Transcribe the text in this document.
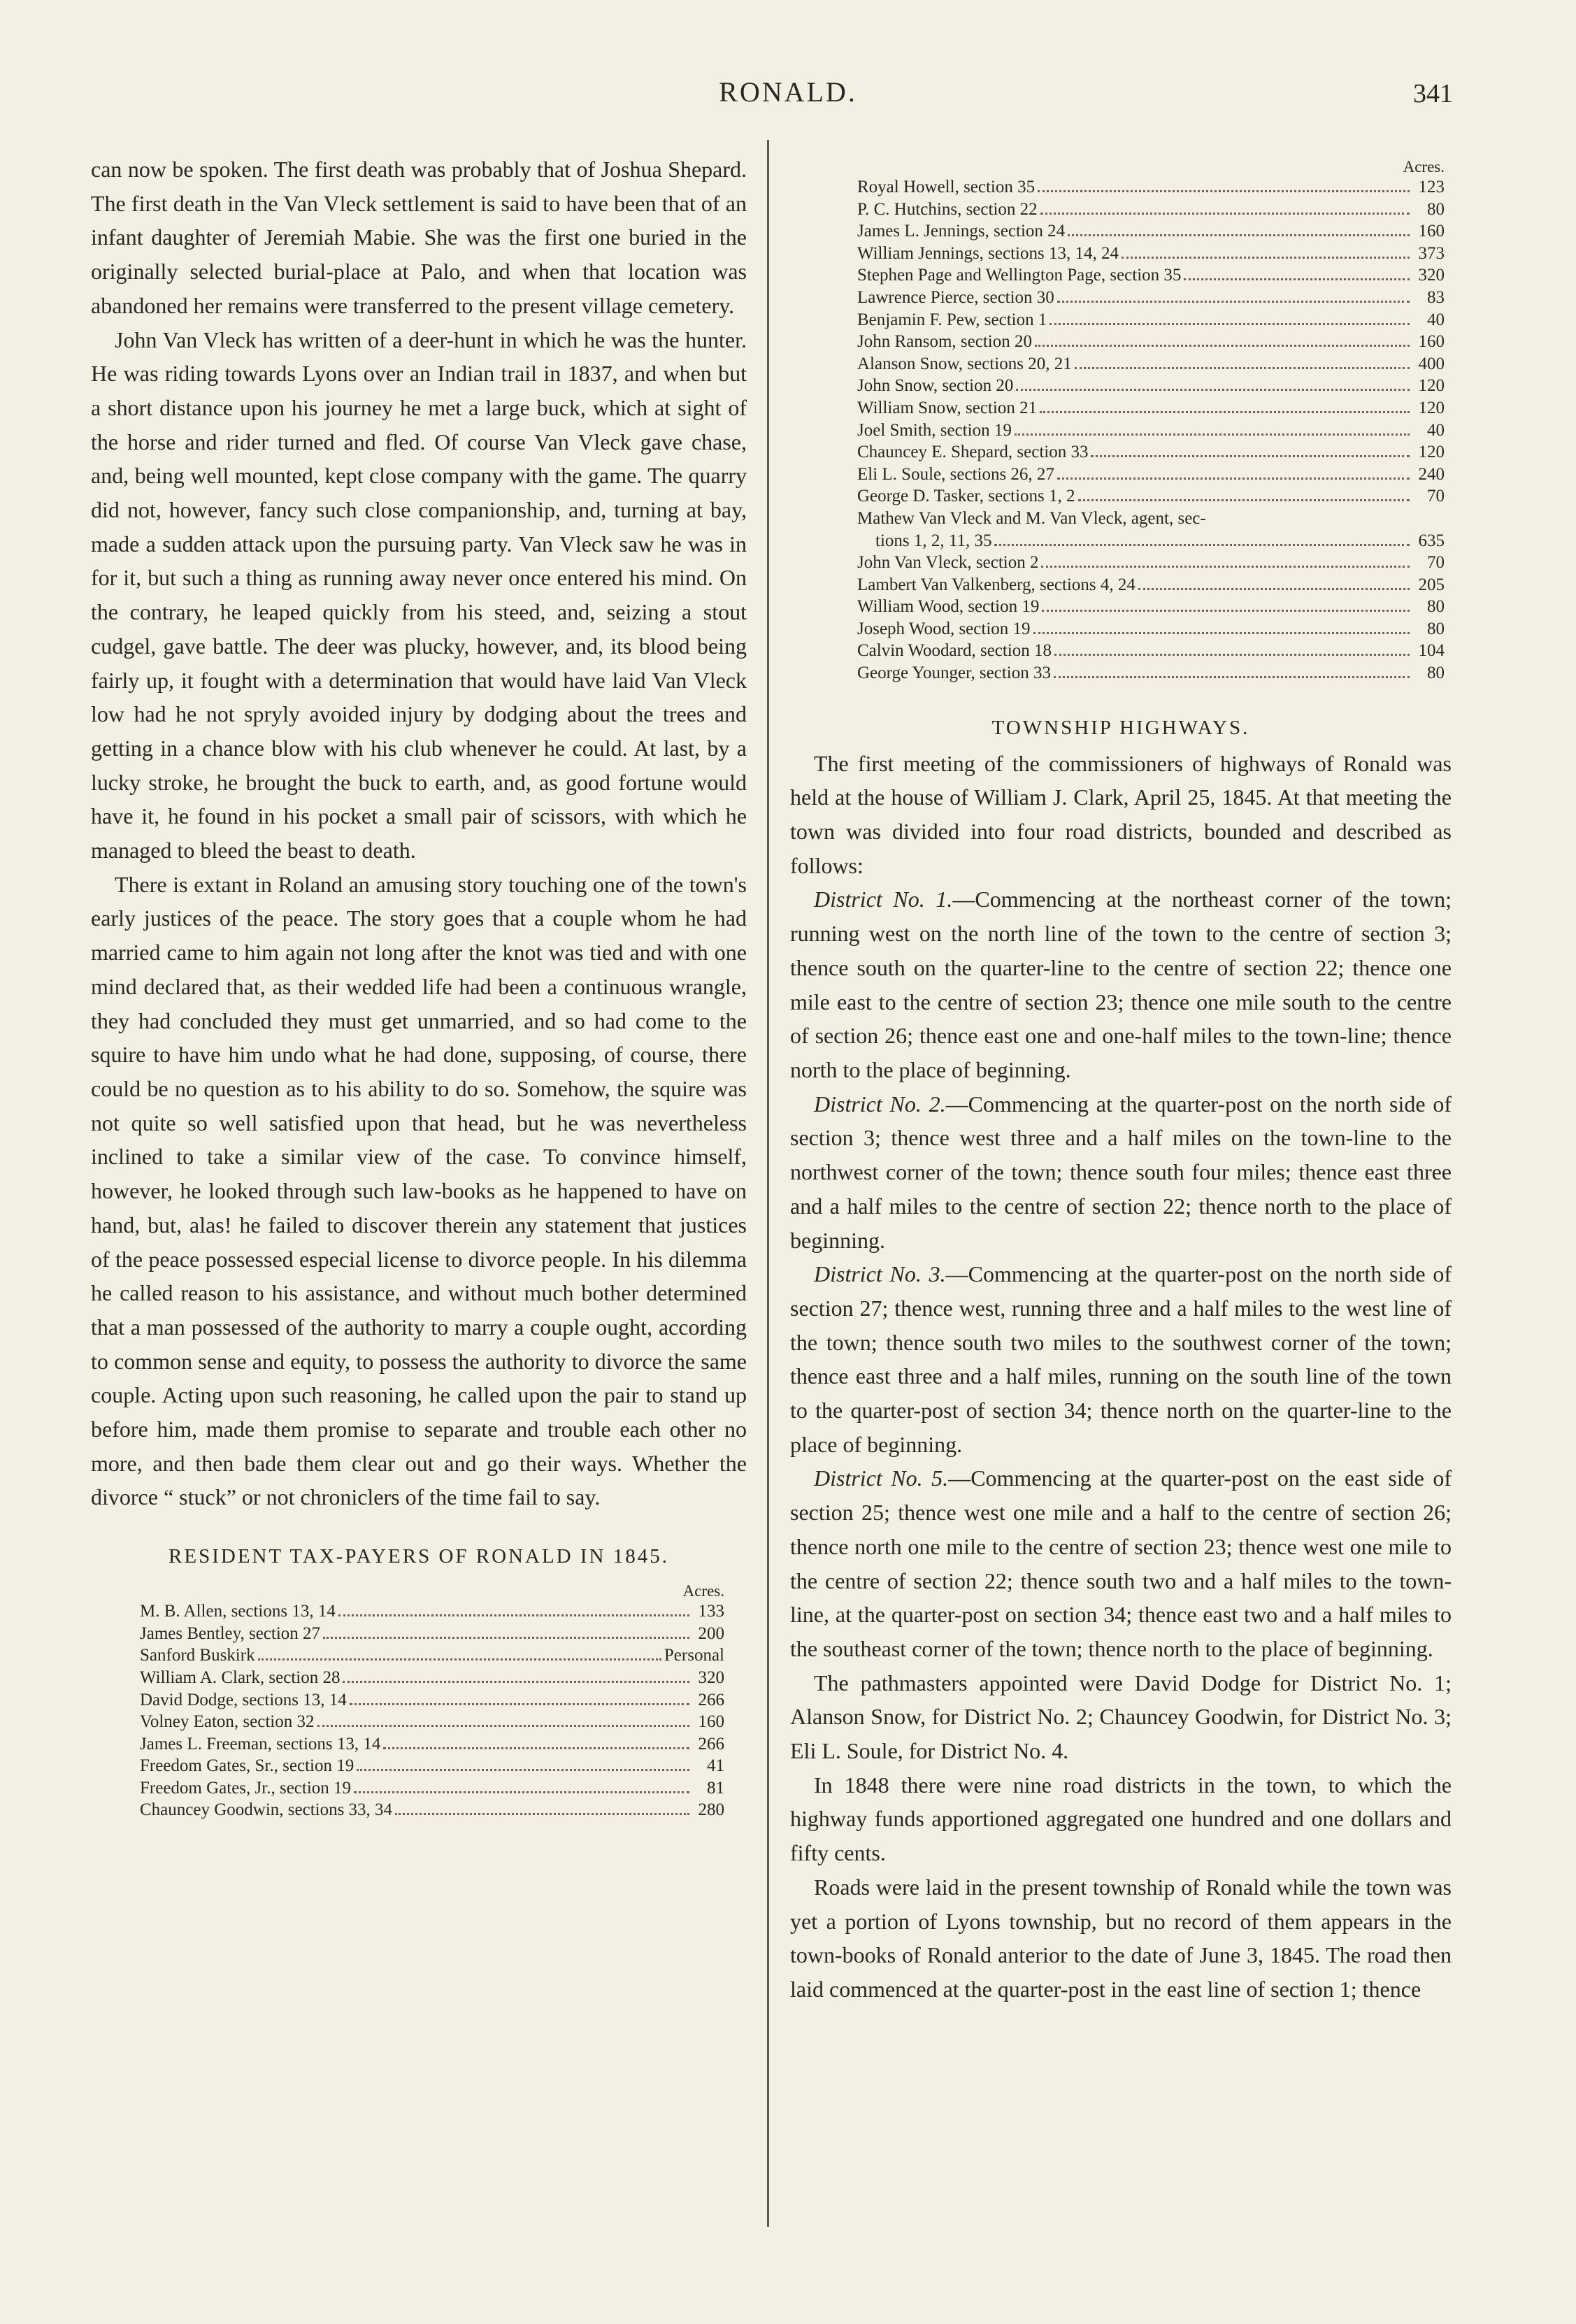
RONALD.	341

can now be spoken. The first death was probably that of Joshua Shepard. The first death in the Van Vleck settlement is said to have been that of an infant daughter of Jeremiah Mabie. She was the first one buried in the originally selected burial-place at Palo, and when that location was abandoned her remains were transferred to the present village cemetery.

John Van Vleck has written of a deer-hunt in which he was the hunter. He was riding towards Lyons over an Indian trail in 1837, and when but a short distance upon his journey he met a large buck, which at sight of the horse and rider turned and fled. Of course Van Vleck gave chase, and, being well mounted, kept close company with the game. The quarry did not, however, fancy such close companionship, and, turning at bay, made a sudden attack upon the pursuing party. Van Vleck saw he was in for it, but such a thing as running away never once entered his mind. On the contrary, he leaped quickly from his steed, and, seizing a stout cudgel, gave battle. The deer was plucky, however, and, its blood being fairly up, it fought with a determination that would have laid Van Vleck low had he not spryly avoided injury by dodging about the trees and getting in a chance blow with his club whenever he could. At last, by a lucky stroke, he brought the buck to earth, and, as good fortune would have it, he found in his pocket a small pair of scissors, with which he managed to bleed the beast to death.

There is extant in Roland an amusing story touching one of the town's early justices of the peace. The story goes that a couple whom he had married came to him again not long after the knot was tied and with one mind declared that, as their wedded life had been a continuous wrangle, they had concluded they must get unmarried, and so had come to the squire to have him undo what he had done, supposing, of course, there could be no question as to his ability to do so. Somehow, the squire was not quite so well satisfied upon that head, but he was nevertheless inclined to take a similar view of the case. To convince himself, however, he looked through such law-books as he happened to have on hand, but, alas! he failed to discover therein any statement that justices of the peace possessed especial license to divorce people. In his dilemma he called reason to his assistance, and without much bother determined that a man possessed of the authority to marry a couple ought, according to common sense and equity, to possess the authority to divorce the same couple. Acting upon such reasoning, he called upon the pair to stand up before him, made them promise to separate and trouble each other no more, and then bade them clear out and go their ways. Whether the divorce “ stuck” or not chroniclers of the time fail to say.

RESIDENT TAX-PAYERS OF RONALD IN 1845.
Acres.
M. B. Allen, sections 13, 14	133
James Bentley, section 27	200
Sanford Buskirk	Personal
William A. Clark, section 28	320
David Dodge, sections 13, 14	266
Volney Eaton, section 32	160
James L. Freeman, sections 13, 14	266
Freedom Gates, Sr., section 19	41
Freedom Gates, Jr., section 19	81
Chauncey Goodwin, sections 33, 34	280
Acres.
Royal Howell, section 35	123
P. C. Hutchins, section 22	80
James L. Jennings, section 24	160
William Jennings, sections 13, 14, 24	373
Stephen Page and Wellington Page, section 35	320
Lawrence Pierce, section 30	83
Benjamin F. Pew, section 1	40
John Ransom, section 20	160
Alanson Snow, sections 20, 21	400
John Snow, section 20	120
William Snow, section 21	120
Joel Smith, section 19	40
Chauncey E. Shepard, section 33	120
Eli L. Soule, sections 26, 27	240
George D. Tasker, sections 1, 2	70
Mathew Van Vleck and M. Van Vleck, agent, sec-
tions 1, 2, 11, 35	635
John Van Vleck, section 2	70
Lambert Van Valkenberg, sections 4, 24	205
William Wood, section 19	80
Joseph Wood, section 19	80
Calvin Woodard, section 18	104
George Younger, section 33	80
TOWNSHIP HIGHWAYS.

The first meeting of the commissioners of highways of Ronald was held at the house of William J. Clark, April 25, 1845. At that meeting the town was divided into four road districts, bounded and described as follows:

District No. 1.—Commencing at the northeast corner of the town; running west on the north line of the town to the centre of section 3; thence south on the quarter-line to the centre of section 22; thence one mile east to the centre of section 23; thence one mile south to the centre of section 26; thence east one and one-half miles to the town-line; thence north to the place of beginning.

District No. 2.—Commencing at the quarter-post on the north side of section 3; thence west three and a half miles on the town-line to the northwest corner of the town; thence south four miles; thence east three and a half miles to the centre of section 22; thence north to the place of beginning.

District No. 3.—Commencing at the quarter-post on the north side of section 27; thence west, running three and a half miles to the west line of the town; thence south two miles to the southwest corner of the town; thence east three and a half miles, running on the south line of the town to the quarter-post of section 34; thence north on the quarter-line to the place of beginning.

District No. 5.—Commencing at the quarter-post on the east side of section 25; thence west one mile and a half to the centre of section 26; thence north one mile to the centre of section 23; thence west one mile to the centre of section 22; thence south two and a half miles to the town-line, at the quarter-post on section 34; thence east two and a half miles to the southeast corner of the town; thence north to the place of beginning.

The pathmasters appointed were David Dodge for District No. 1; Alanson Snow, for District No. 2; Chauncey Goodwin, for District No. 3; Eli L. Soule, for District No. 4.

In 1848 there were nine road districts in the town, to which the highway funds apportioned aggregated one hundred and one dollars and fifty cents.

Roads were laid in the present township of Ronald while the town was yet a portion of Lyons township, but no record of them appears in the town-books of Ronald anterior to the date of June 3, 1845. The road then laid commenced at the quarter-post in the east line of section 1; thence
